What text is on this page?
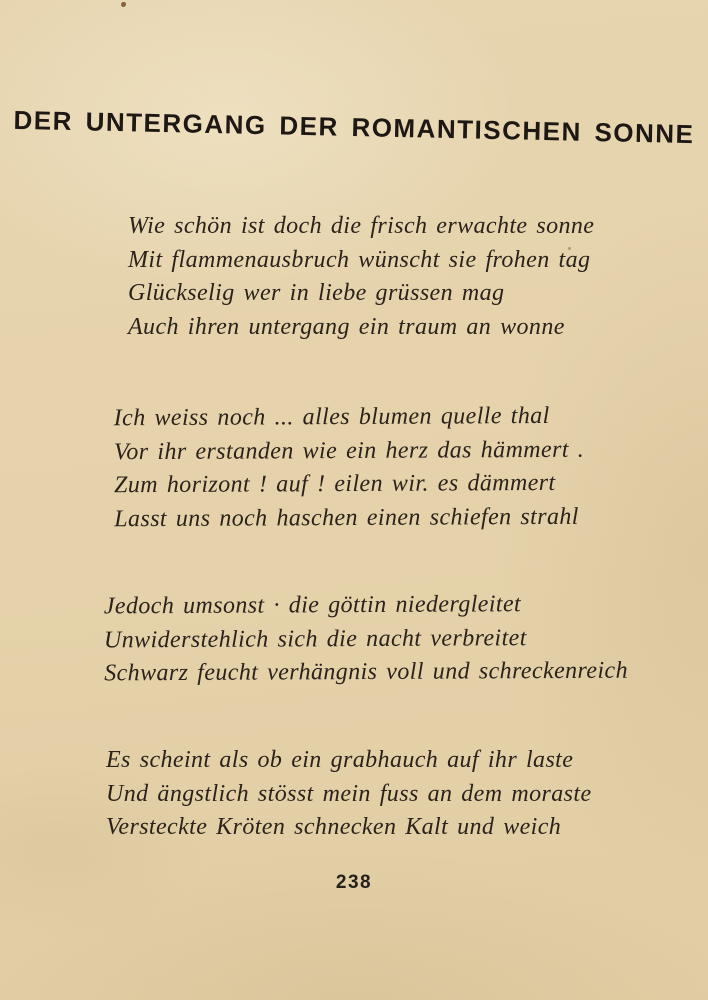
DER UNTERGANG DER ROMANTISCHEN SONNE
Wie schön ist doch die frisch erwachte sonne
Mit flammenausbruch wünscht sie frohen tag
Glückselig wer in liebe grüssen mag
Auch ihren untergang ein traum an wonne
Ich weiss noch ... alles blumen quelle thal
Vor ihr erstanden wie ein herz das hämmert .
Zum horizont ! auf ! eilen wir. es dämmert
Lasst uns noch haschen einen schiefen strahl
Jedoch umsonst · die göttin niedergleitet
Unwiderstehlich sich die nacht verbreitet
Schwarz feucht verhängnis voll und schreckenreich
Es scheint als ob ein grabhauch auf ihr laste
Und ängstlich stösst mein fuss an dem moraste
Versteckte Kröten schnecken Kalt und weich
238
